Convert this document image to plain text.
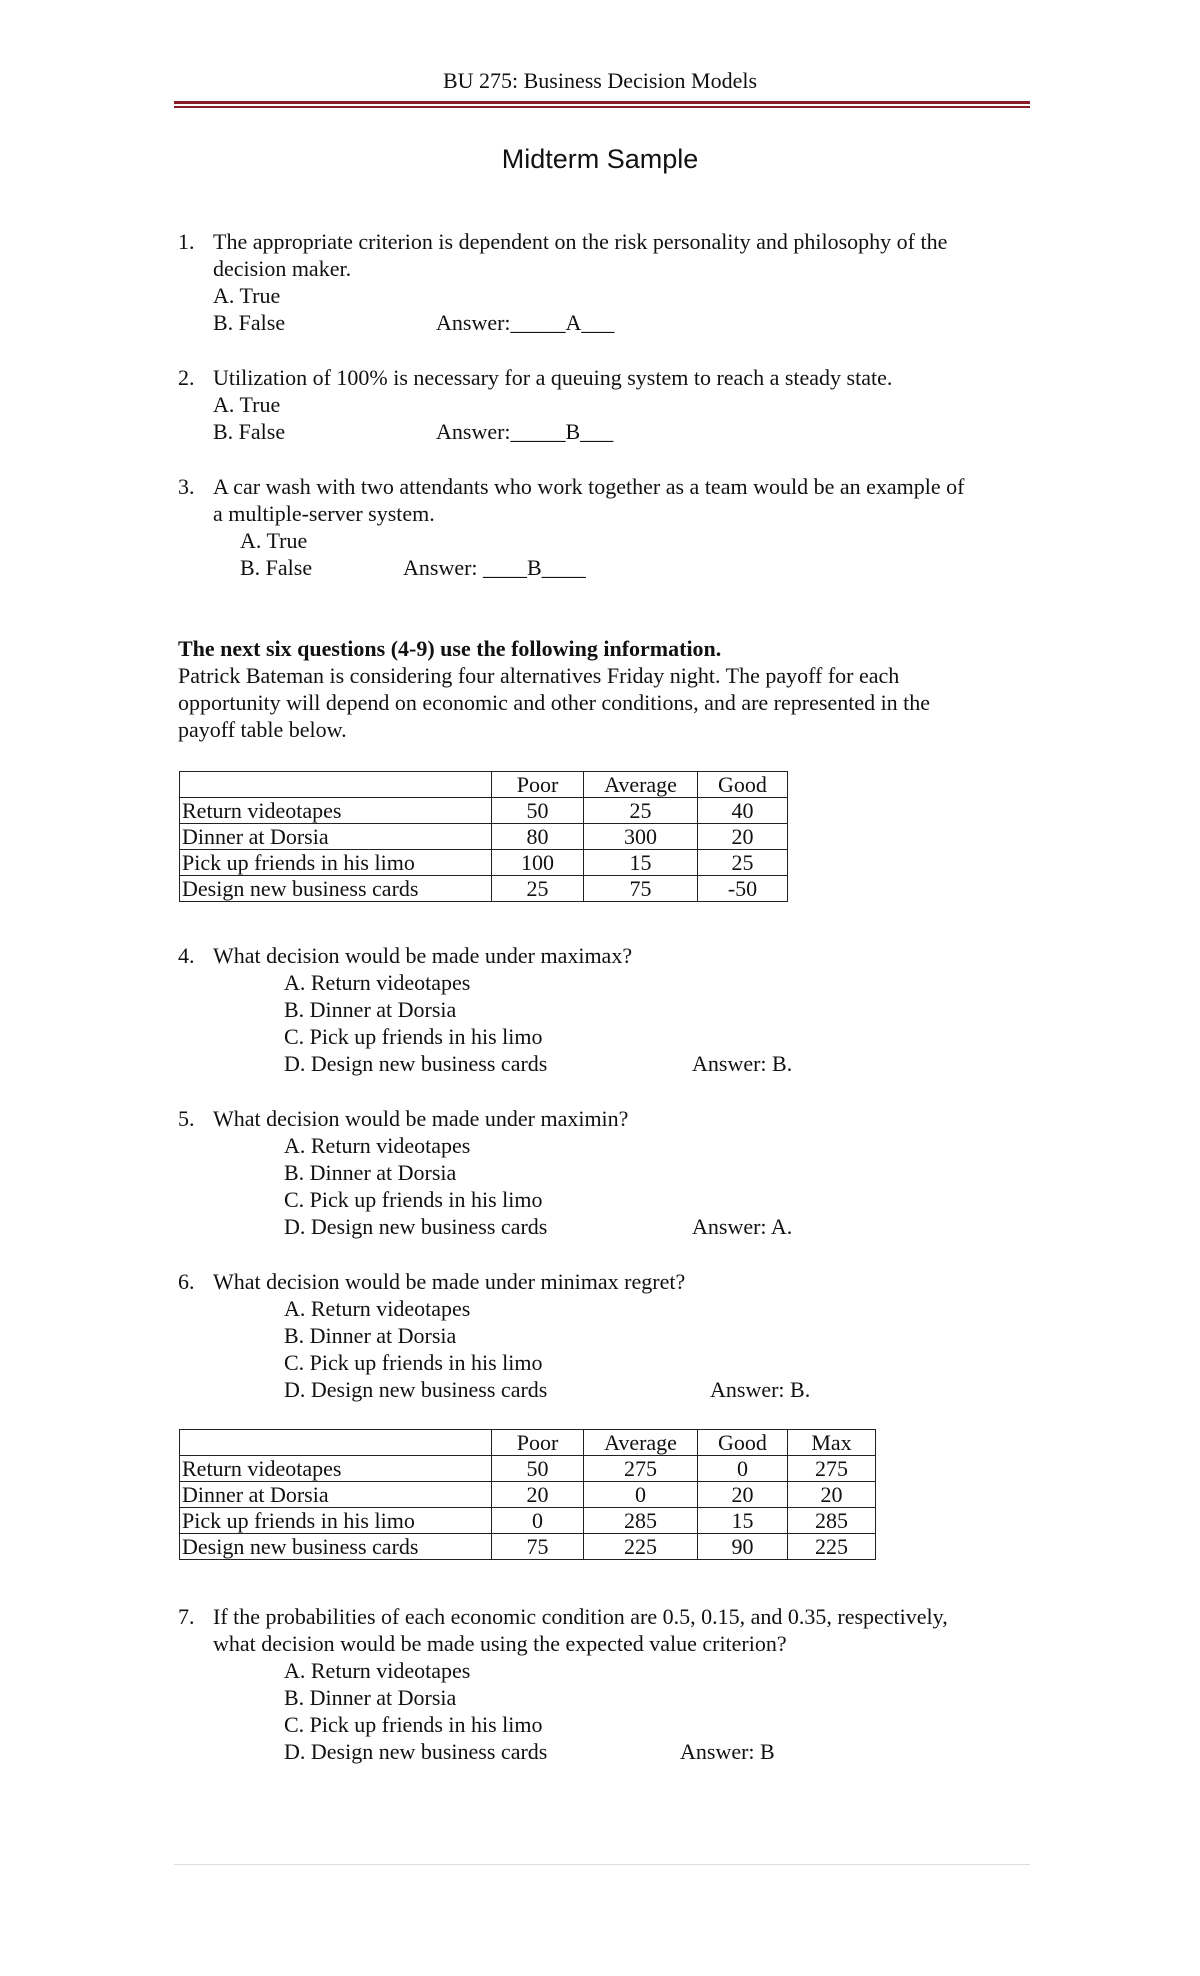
BU 275: Business Decision Models
Midterm Sample
1. The appropriate criterion is dependent on the risk personality and philosophy of the
decision maker.
A. True
B. False	Answer:_____A___
2. Utilization of 100% is necessary for a queuing system to reach a steady state.
A. True
B. False	Answer:_____B___
3. A car wash with two attendants who work together as a team would be an example of
a multiple-server system.
A. True
B. False	Answer: ____B____
The next six questions (4-9) use the following information.
Patrick Bateman is considering four alternatives Friday night. The payoff for each
opportunity will depend on economic and other conditions, and are represented in the
payoff table below.
	Poor	Average	Good
Return videotapes	50	25	40
Dinner at Dorsia	80	300	20
Pick up friends in his limo	100	15	25
Design new business cards	25	75	-50
4. What decision would be made under maximax?
A. Return videotapes
B. Dinner at Dorsia
C. Pick up friends in his limo
D. Design new business cards	Answer: B.
5. What decision would be made under maximin?
A. Return videotapes
B. Dinner at Dorsia
C. Pick up friends in his limo
D. Design new business cards	Answer: A.
6. What decision would be made under minimax regret?
A. Return videotapes
B. Dinner at Dorsia
C. Pick up friends in his limo
D. Design new business cards	Answer: B.
	Poor	Average	Good	Max
Return videotapes	50	275	0	275
Dinner at Dorsia	20	0	20	20
Pick up friends in his limo	0	285	15	285
Design new business cards	75	225	90	225
7. If the probabilities of each economic condition are 0.5, 0.15, and 0.35, respectively,
what decision would be made using the expected value criterion?
A. Return videotapes
B. Dinner at Dorsia
C. Pick up friends in his limo
D. Design new business cards	Answer: B
